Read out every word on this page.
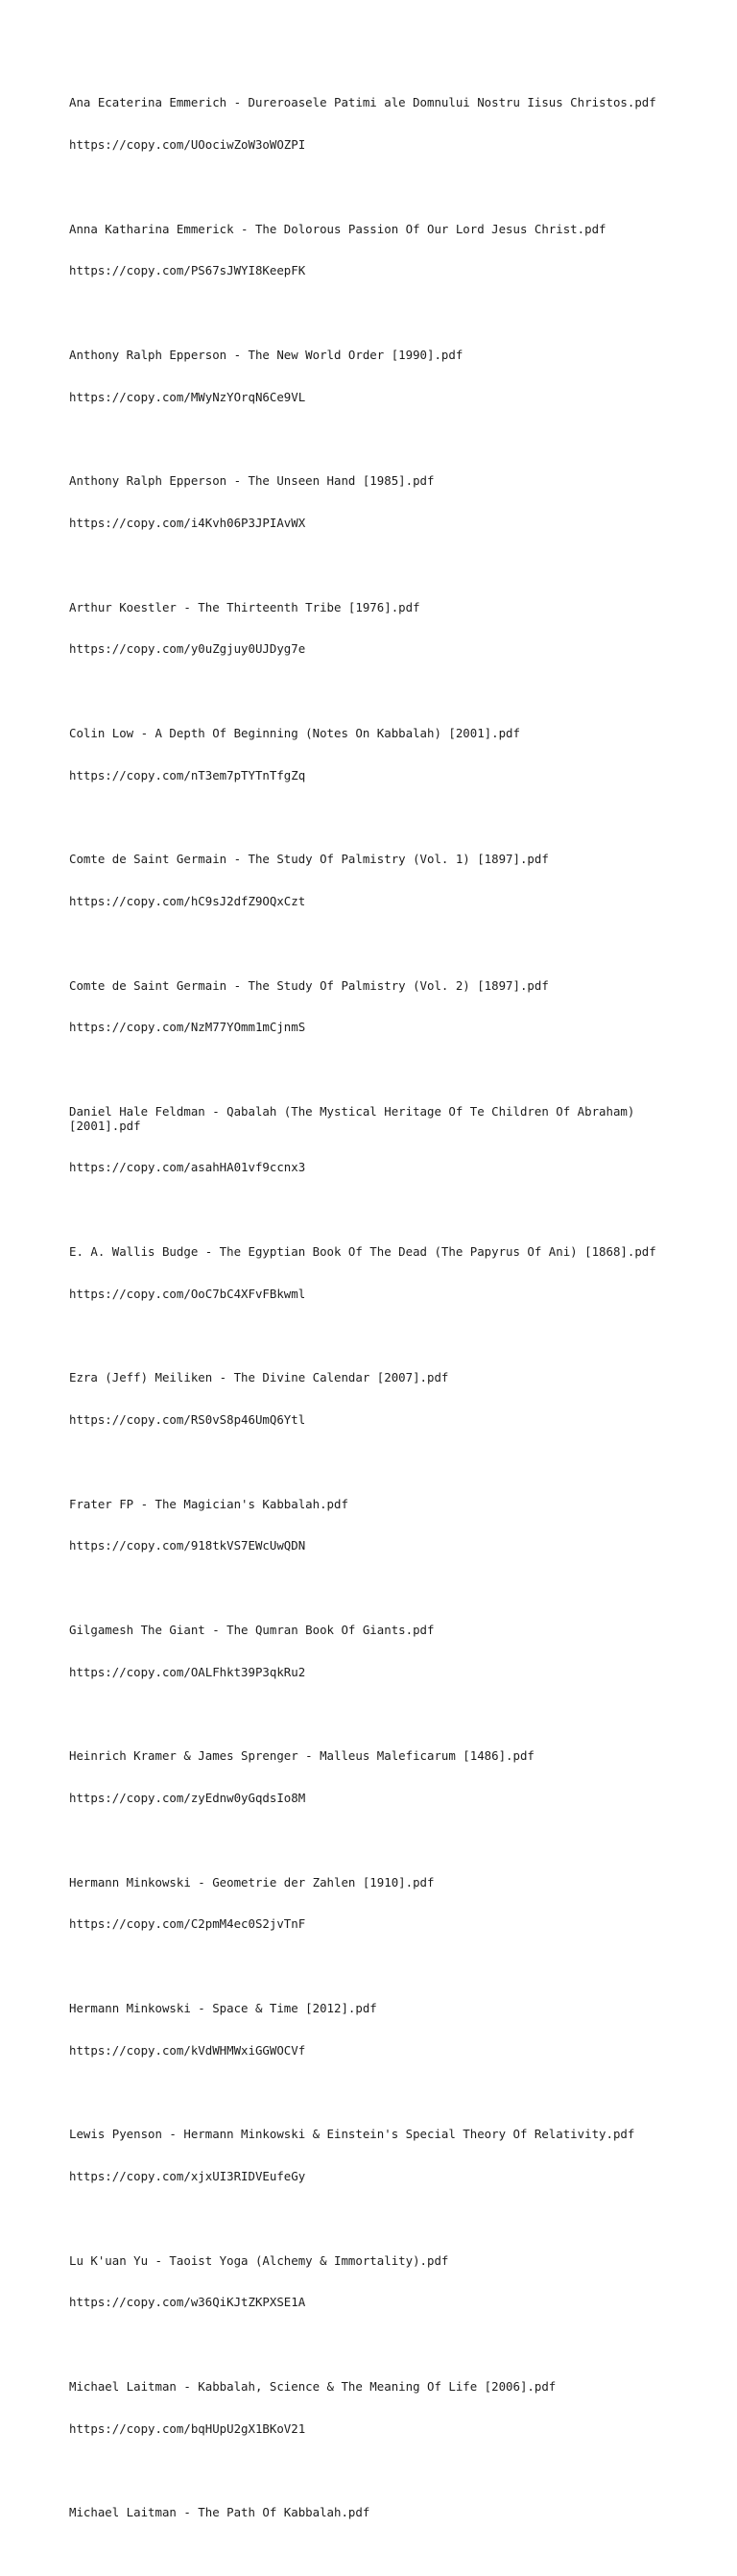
Ana Ecaterina Emmerich - Dureroasele Patimi ale Domnului Nostru Iisus Christos.pdf

https://copy.com/UOociwZoW3oWOZPI

Anna Katharina Emmerick - The Dolorous Passion Of Our Lord Jesus Christ.pdf

https://copy.com/PS67sJWYI8KeepFK

Anthony Ralph Epperson - The New World Order [1990].pdf

https://copy.com/MWyNzYOrqN6Ce9VL

Anthony Ralph Epperson - The Unseen Hand [1985].pdf

https://copy.com/i4Kvh06P3JPIAvWX

Arthur Koestler - The Thirteenth Tribe [1976].pdf

https://copy.com/y0uZgjuy0UJDyg7e

Colin Low - A Depth Of Beginning (Notes On Kabbalah) [2001].pdf

https://copy.com/nT3em7pTYTnTfgZq

Comte de Saint Germain - The Study Of Palmistry (Vol. 1) [1897].pdf

https://copy.com/hC9sJ2dfZ9OQxCzt

Comte de Saint Germain - The Study Of Palmistry (Vol. 2) [1897].pdf

https://copy.com/NzM77YOmm1mCjnmS

Daniel Hale Feldman - Qabalah (The Mystical Heritage Of Te Children Of Abraham)
[2001].pdf

https://copy.com/asahHA01vf9ccnx3

E. A. Wallis Budge - The Egyptian Book Of The Dead (The Papyrus Of Ani) [1868].pdf

https://copy.com/OoC7bC4XFvFBkwml

Ezra (Jeff) Meiliken - The Divine Calendar [2007].pdf

https://copy.com/RS0vS8p46UmQ6Ytl

Frater FP - The Magician's Kabbalah.pdf

https://copy.com/918tkVS7EWcUwQDN

Gilgamesh The Giant - The Qumran Book Of Giants.pdf

https://copy.com/OALFhkt39P3qkRu2

Heinrich Kramer & James Sprenger - Malleus Maleficarum [1486].pdf

https://copy.com/zyEdnw0yGqdsIo8M

Hermann Minkowski - Geometrie der Zahlen [1910].pdf

https://copy.com/C2pmM4ec0S2jvTnF

Hermann Minkowski - Space & Time [2012].pdf

https://copy.com/kVdWHMWxiGGWOCVf

Lewis Pyenson - Hermann Minkowski & Einstein's Special Theory Of Relativity.pdf

https://copy.com/xjxUI3RIDVEufeGy

Lu K'uan Yu - Taoist Yoga (Alchemy & Immortality).pdf

https://copy.com/w36QiKJtZKPXSE1A

Michael Laitman - Kabbalah, Science & The Meaning Of Life [2006].pdf

https://copy.com/bqHUpU2gX1BKoV21

Michael Laitman - The Path Of Kabbalah.pdf
